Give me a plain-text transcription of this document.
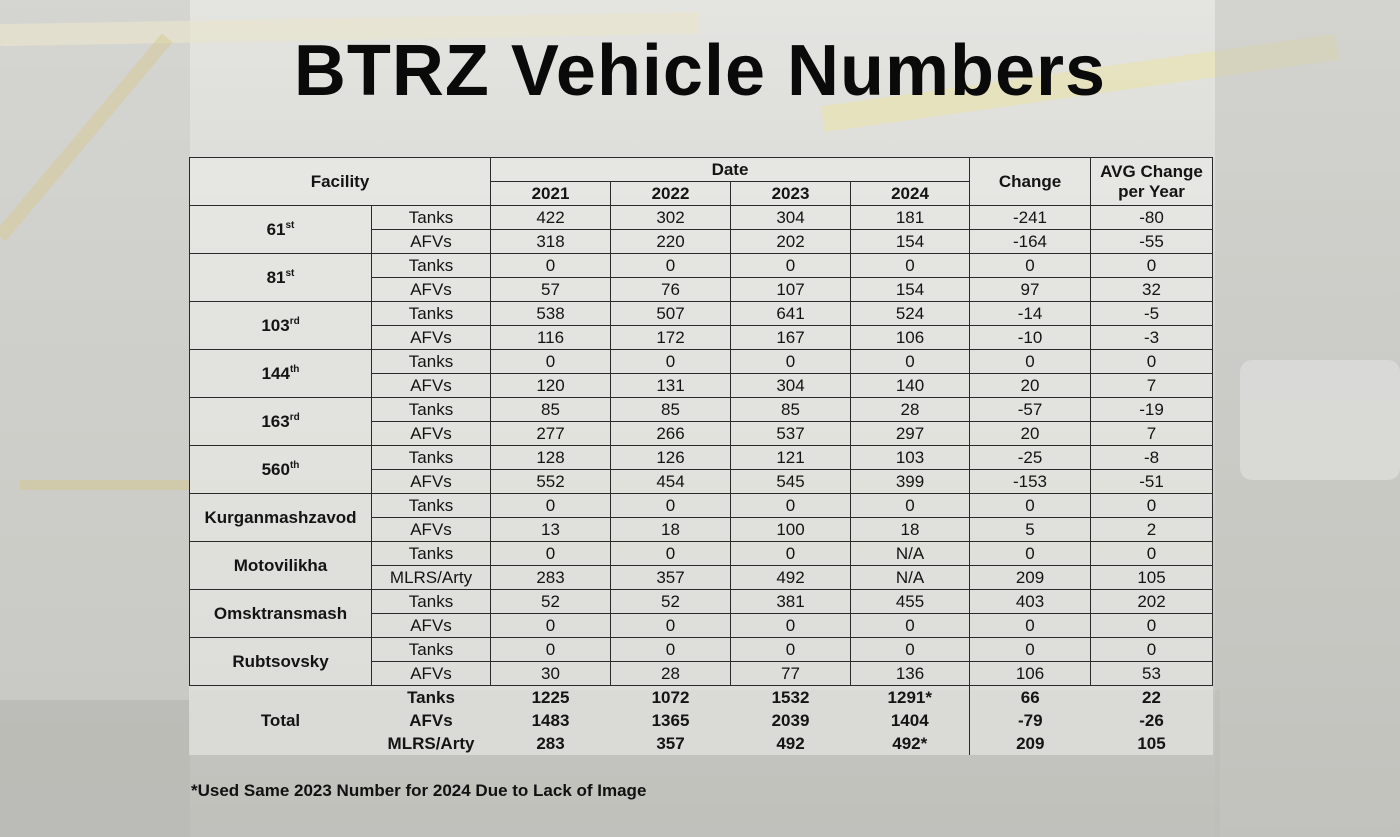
BTRZ Vehicle Numbers
Facility		Date				Change	AVG Change
per Year
		2021	2022	2023	2024		
61st	Tanks	422	302	304	181	-241	-80
	AFVs	318	220	202	154	-164	-55
81st	Tanks	0	0	0	0	0	0
	AFVs	57	76	107	154	97	32
103rd	Tanks	538	507	641	524	-14	-5
	AFVs	116	172	167	106	-10	-3
144th	Tanks	0	0	0	0	0	0
	AFVs	120	131	304	140	20	7
163rd	Tanks	85	85	85	28	-57	-19
	AFVs	277	266	537	297	20	7
560th	Tanks	128	126	121	103	-25	-8
	AFVs	552	454	545	399	-153	-51
Kurganmashzavod	Tanks	0	0	0	0	0	0
	AFVs	13	18	100	18	5	2
Motovilikha	Tanks	0	0	0	N/A	0	0
	MLRS/Arty	283	357	492	N/A	209	105
Omsktransmash	Tanks	52	52	381	455	403	202
	AFVs	0	0	0	0	0	0
Rubtsovsky	Tanks	0	0	0	0	0	0
	AFVs	30	28	77	136	106	53
Total	Tanks	1225	1072	1532	1291*	66	22
	AFVs	1483	1365	2039	1404	-79	-26
	MLRS/Arty	283	357	492	492*	209	105
*Used Same 2023 Number for 2024 Due to Lack of Image
